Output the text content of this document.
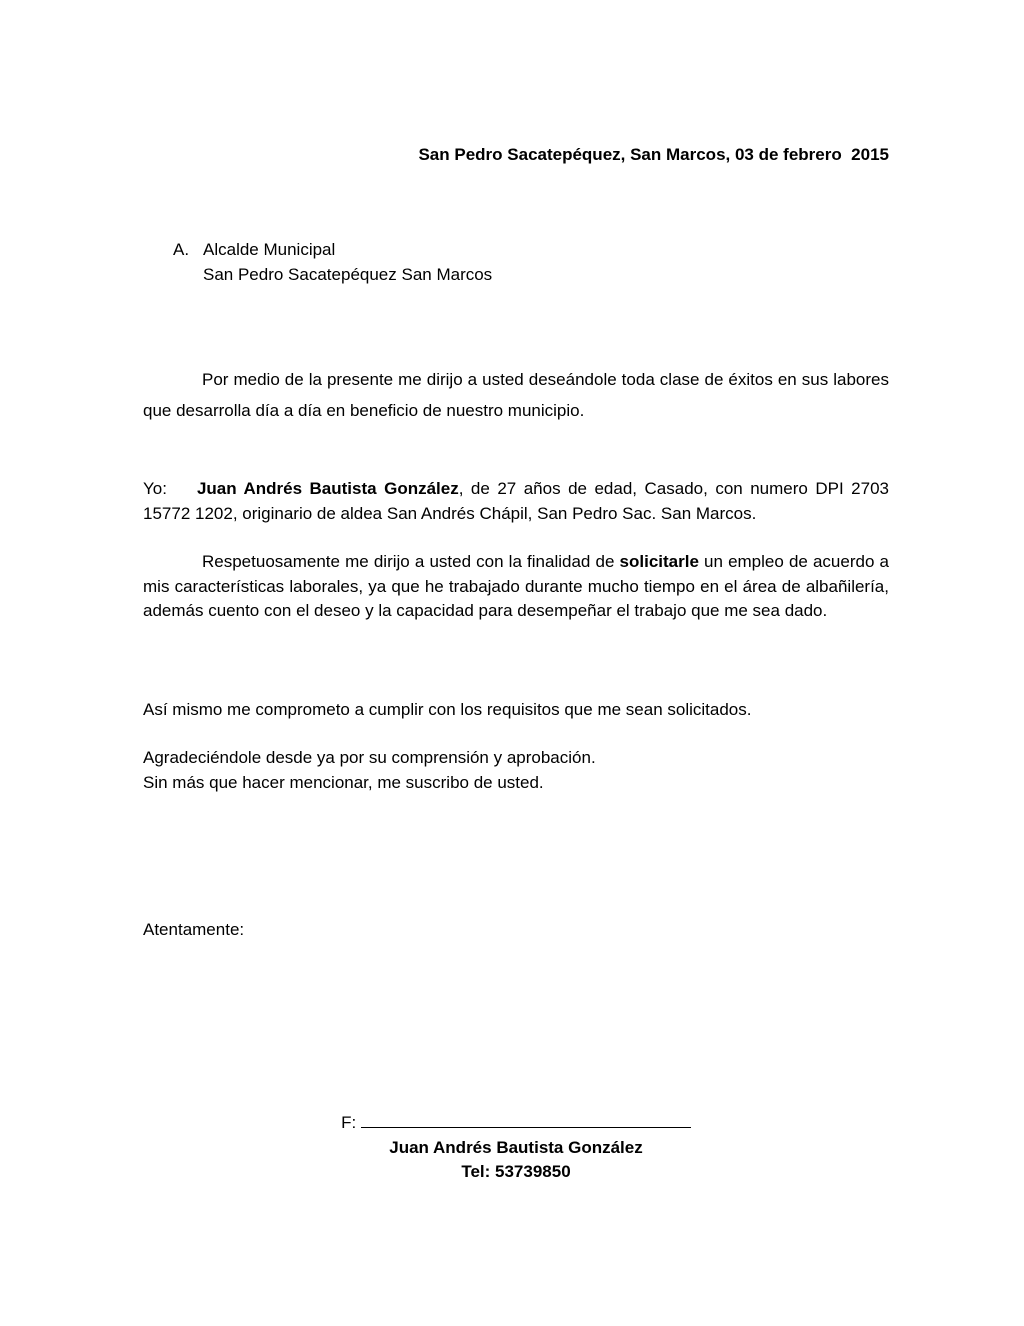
San Pedro Sacatepéquez, San Marcos, 03 de febrero  2015
A. Alcalde Municipal
San Pedro Sacatepéquez San Marcos
Por medio de la presente me dirijo a usted deseándole toda clase de éxitos en sus labores que desarrolla día a día en beneficio de nuestro municipio.
Yo: Juan Andrés Bautista González, de 27 años de edad, Casado, con numero DPI 2703 15772 1202, originario de aldea San Andrés Chápil, San Pedro Sac. San Marcos.
Respetuosamente me dirijo a usted con la finalidad de solicitarle un empleo de acuerdo a mis características laborales, ya que he trabajado durante mucho tiempo en el área de albañilería, además cuento con el deseo y la capacidad para desempeñar el trabajo que me sea dado.
Así mismo me comprometo a cumplir con los requisitos que me sean solicitados.
Agradeciéndole desde ya por su comprensión y aprobación.
Sin más que hacer mencionar, me suscribo de usted.
Atentamente:
F:
Juan Andrés Bautista González
Tel: 53739850
